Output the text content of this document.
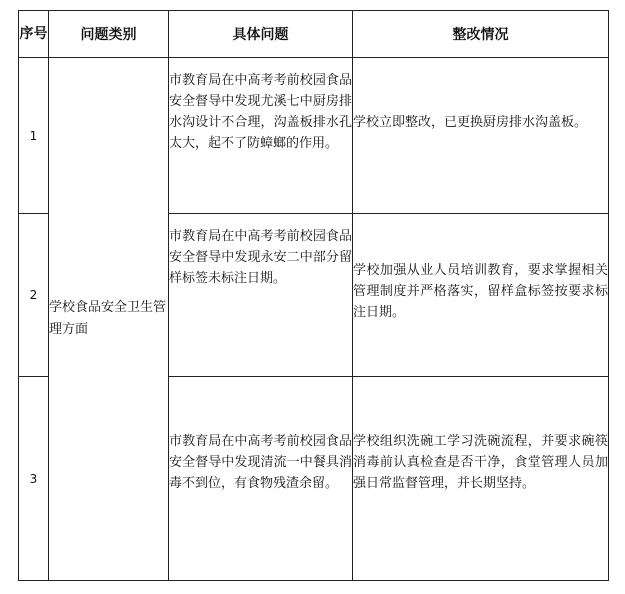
序号	问题类别	具体问题	整改情况
1	学校食品安全卫生管理方面	市教育局在中高考考前校园食品安全督导中发现尤溪七中厨房排水沟设计不合理，沟盖板排水孔太大，起不了防蟑螂的作用。	学校立即整改，已更换厨房排水沟盖板。

2		市教育局在中高考考前校园食品安全督导中发现永安二中部分留样标签未标注日期。	学校加强从业人员培训教育，要求掌握相关管理制度并严格落实，留样盒标签按要求标注日期。

3		市教育局在中高考考前校园食品安全督导中发现清流一中餐具消毒不到位，有食物残渣余留。	学校组织洗碗工学习洗碗流程，并要求碗筷消毒前认真检查是否干净，食堂管理人员加强日常监督管理，并长期坚持。
